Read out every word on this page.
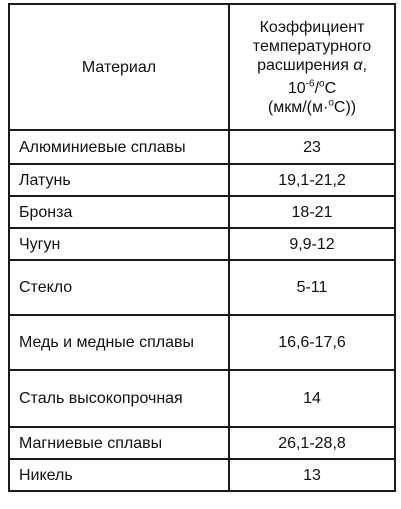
Материал	Коэффициент
температурного
расширения α,
$10^{-6}/^оC$
(мкм/(м·$^о$C))
Алюминиевые сплавы	23
Латунь	19,1-21,2
Бронза	18-21
Чугун	9,9-12
Стекло	5-11
Медь и медные сплавы	16,6-17,6
Сталь высокопрочная	14
Магниевые сплавы	26,1-28,8
Никель	13
